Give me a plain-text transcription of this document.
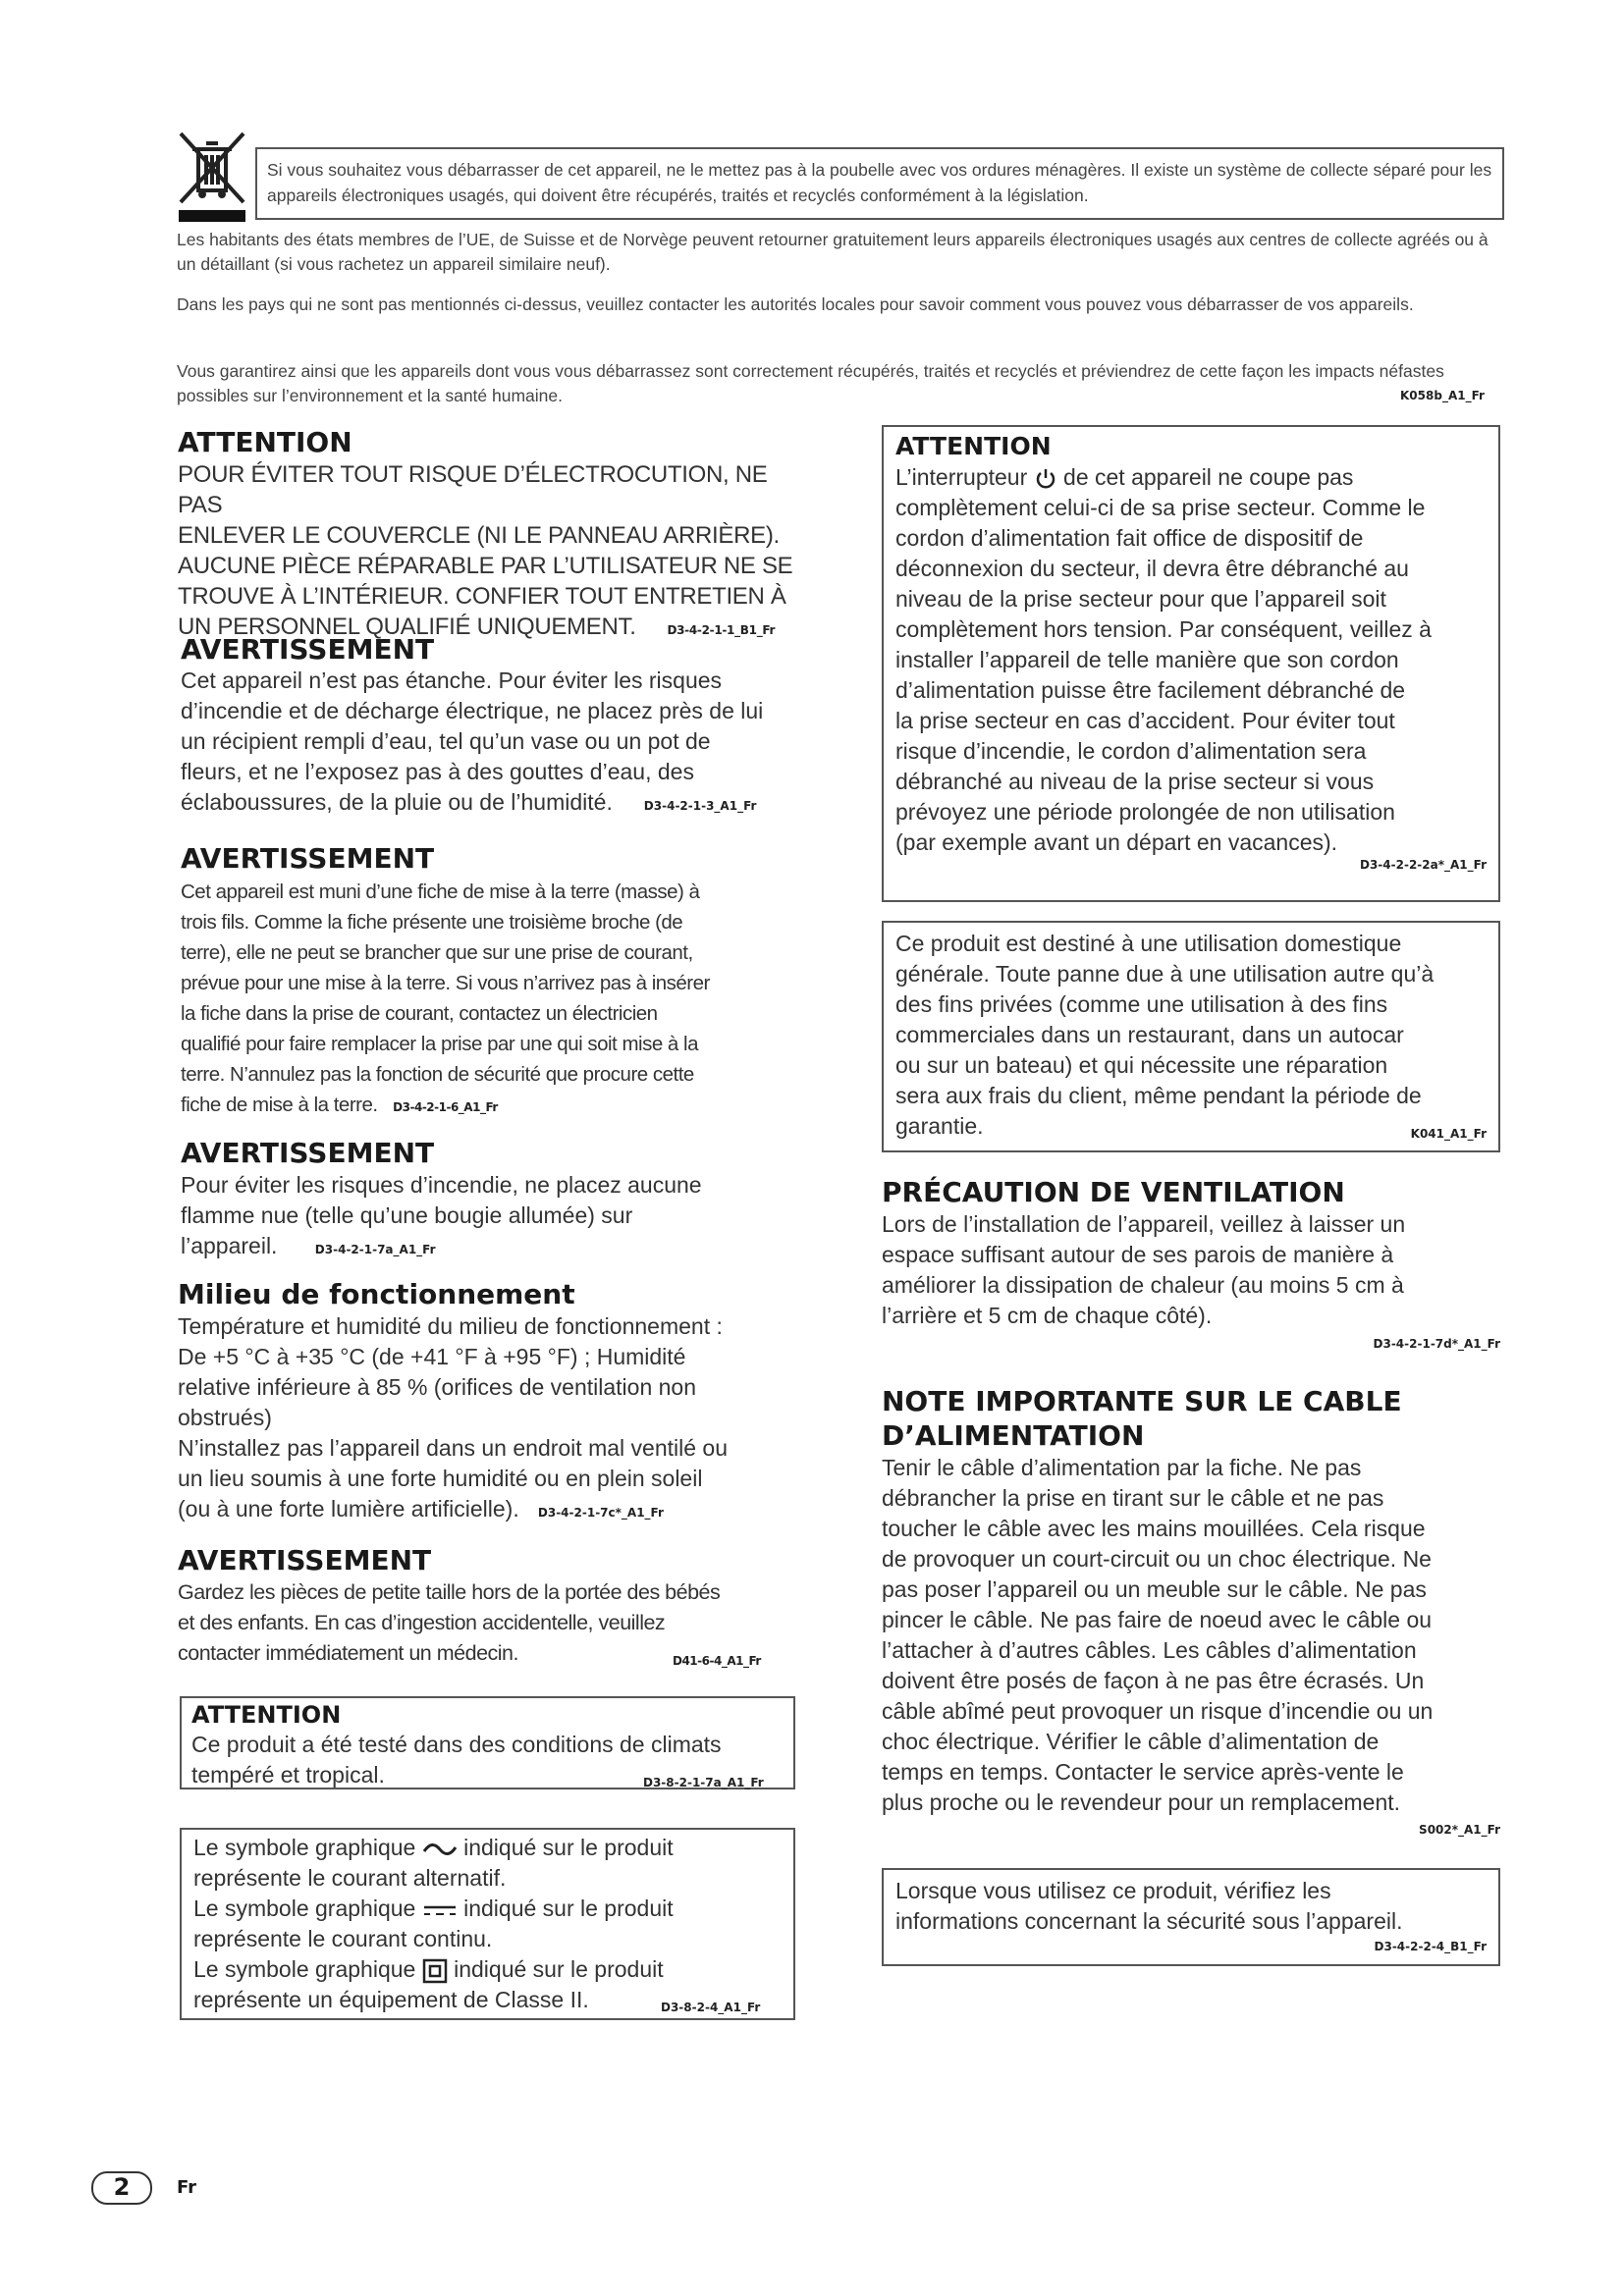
Si vous souhaitez vous débarrasser de cet appareil, ne le mettez pas à la poubelle avec vos ordures ménagères. Il existe un système de collecte séparé pour les appareils électroniques usagés, qui doivent être récupérés, traités et recyclés conformément à la législation.
Les habitants des états membres de l’UE, de Suisse et de Norvège peuvent retourner gratuitement leurs appareils électroniques usagés aux centres de collecte agréés ou à un détaillant (si vous rachetez un appareil similaire neuf).
Dans les pays qui ne sont pas mentionnés ci-dessus, veuillez contacter les autorités locales pour savoir comment vous pouvez vous débarrasser de vos appareils.
Vous garantirez ainsi que les appareils dont vous vous débarrassez sont correctement récupérés, traités et recyclés et préviendrez de cette façon les impacts néfastes possibles sur l’environnement et la santé humaine.	K058b_A1_Fr
ATTENTION
POUR ÉVITER TOUT RISQUE D’ÉLECTROCUTION, NE PAS
ENLEVER LE COUVERCLE (NI LE PANNEAU ARRIÈRE).
AUCUNE PIÈCE RÉPARABLE PAR L’UTILISATEUR NE SE
TROUVE À L’INTÉRIEUR. CONFIER TOUT ENTRETIEN À
UN PERSONNEL QUALIFIÉ UNIQUEMENT.	D3-4-2-1-1_B1_Fr
AVERTISSEMENT
Cet appareil n’est pas étanche. Pour éviter les risques
d’incendie et de décharge électrique, ne placez près de lui
un récipient rempli d’eau, tel qu’un vase ou un pot de
fleurs, et ne l’exposez pas à des gouttes d’eau, des
éclaboussures, de la pluie ou de l’humidité.	D3-4-2-1-3_A1_Fr
AVERTISSEMENT
Cet appareil est muni d’une fiche de mise à la terre (masse) à
trois fils. Comme la fiche présente une troisième broche (de
terre), elle ne peut se brancher que sur une prise de courant,
prévue pour une mise à la terre. Si vous n’arrivez pas à insérer
la fiche dans la prise de courant, contactez un électricien
qualifié pour faire remplacer la prise par une qui soit mise à la
terre. N’annulez pas la fonction de sécurité que procure cette
fiche de mise à la terre. D3-4-2-1-6_A1_Fr
AVERTISSEMENT
Pour éviter les risques d’incendie, ne placez aucune
flamme nue (telle qu’une bougie allumée) sur
l’appareil.	D3-4-2-1-7a_A1_Fr
Milieu de fonctionnement
Température et humidité du milieu de fonctionnement :
De +5 °C à +35 °C (de +41 °F à +95 °F) ; Humidité
relative inférieure à 85 % (orifices de ventilation non
obstrués)
N’installez pas l’appareil dans un endroit mal ventilé ou
un lieu soumis à une forte humidité ou en plein soleil
(ou à une forte lumière artificielle). D3-4-2-1-7c*_A1_Fr
AVERTISSEMENT
Gardez les pièces de petite taille hors de la portée des bébés
et des enfants. En cas d’ingestion accidentelle, veuillez
contacter immédiatement un médecin.	D41-6-4_A1_Fr
ATTENTION
Ce produit a été testé dans des conditions de climats
tempéré et tropical.	D3-8-2-1-7a_A1_Fr
Le symbole graphique indiqué sur le produit
représente le courant alternatif.
Le symbole graphique indiqué sur le produit
représente le courant continu.
Le symbole graphique indiqué sur le produit
représente un équipement de Classe II.	D3-8-2-4_A1_Fr
ATTENTION
L’interrupteur de cet appareil ne coupe pas
complètement celui-ci de sa prise secteur. Comme le
cordon d’alimentation fait office de dispositif de
déconnexion du secteur, il devra être débranché au
niveau de la prise secteur pour que l’appareil soit
complètement hors tension. Par conséquent, veillez à
installer l’appareil de telle manière que son cordon
d’alimentation puisse être facilement débranché de
la prise secteur en cas d’accident. Pour éviter tout
risque d’incendie, le cordon d’alimentation sera
débranché au niveau de la prise secteur si vous
prévoyez une période prolongée de non utilisation
(par exemple avant un départ en vacances).
D3-4-2-2-2a*_A1_Fr
Ce produit est destiné à une utilisation domestique
générale. Toute panne due à une utilisation autre qu’à
des fins privées (comme une utilisation à des fins
commerciales dans un restaurant, dans un autocar
ou sur un bateau) et qui nécessite une réparation
sera aux frais du client, même pendant la période de
garantie.	K041_A1_Fr
PRÉCAUTION DE VENTILATION
Lors de l’installation de l’appareil, veillez à laisser un
espace suffisant autour de ses parois de manière à
améliorer la dissipation de chaleur (au moins 5 cm à
l’arrière et 5 cm de chaque côté).
D3-4-2-1-7d*_A1_Fr
NOTE IMPORTANTE SUR LE CABLE
D’ALIMENTATION
Tenir le câble d’alimentation par la fiche. Ne pas
débrancher la prise en tirant sur le câble et ne pas
toucher le câble avec les mains mouillées. Cela risque
de provoquer un court-circuit ou un choc électrique. Ne
pas poser l’appareil ou un meuble sur le câble. Ne pas
pincer le câble. Ne pas faire de noeud avec le câble ou
l’attacher à d’autres câbles. Les câbles d’alimentation
doivent être posés de façon à ne pas être écrasés. Un
câble abîmé peut provoquer un risque d’incendie ou un
choc électrique. Vérifier le câble d’alimentation de
temps en temps. Contacter le service après-vente le
plus proche ou le revendeur pour un remplacement.
S002*_A1_Fr
Lorsque vous utilisez ce produit, vérifiez les
informations concernant la sécurité sous l’appareil.
D3-4-2-2-4_B1_Fr
2	Fr
